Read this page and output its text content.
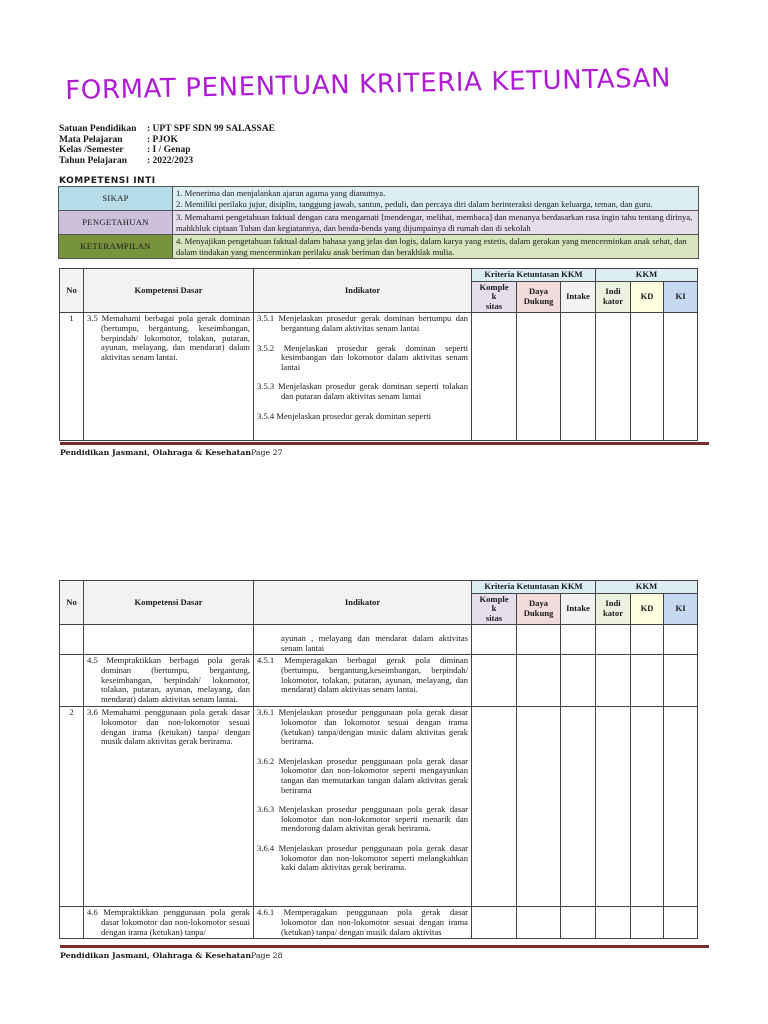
FORMAT PENENTUAN KRITERIA KETUNTASAN
Satuan Pendidikan : UPT SPF SDN 99 SALASSAE
Mata Pelajaran	: PJOK
Kelas /Semester : I / Genap
Tahun Pelajaran : 2022/2023
KOMPETENSI INTI
SIKAP	1. Menerima dan menjalankan ajaran agama yang dianutnya.
2. Memiliki perilaku jujur, disiplin, tanggung jawab, santun, peduli, dan percaya diri dalam berinteraksi dengan keluarga, teman, dan guru.
PENGETAHUAN	3. Memahami pengetahuan faktual dengan cara mengamati [mendengar, melihat, membaca] dan menanya berdasarkan rasa ingin tahu tentang dirinya, mahkhluk ciptaan Tuhan dan kegiatannya, dan benda-benda yang dijumpainya di rumah dan di sekolah
KETERAMPILAN	4. Menyajikan pengetahuan faktual dalam bahasa yang jelas dan logis, dalam karya yang estetis, dalam gerakan yang mencerminkan anak sehat, dan dalam tindakan yang mencerminkan perilaku anak beriman dan berakhlak mulia.
No	Kompetensi Dasar	Indikator	Kriteria Ketuntasan KKM			KKM		
			Komple
k
sitas	Daya Dukung	Intake	Indi kator	KD	KI
1	3.5 Memahami berbagai pola gerak dominan (bertumpu, bergantung, keseimbangan, berpindah/ lokomotor, tolakan, putaran, ayunan, melayang, dan mendarat) dalam aktivitas senam lantai.	3.5.1 Menjelaskan prosedur gerak dominan bertumpu dan bergantung dalam aktivitas senam lantai
3.5.2 Menjelaskan prosedur gerak dominan seperti kesimbangan dan lokomotor dalam aktivitas senam lantai
3.5.3 Menjelaskan prosedur gerak dominan seperti tolakan dan putaran dalam aktivitas senam lantai
3.5.4 Menjelaskan prosedur gerak dominan seperti						

Pendidikan Jasmani, Olahraga & KesehatanPage 27
No	Kompetensi Dasar	Indikator	Kriteria Ketuntasan KKM			KKM		
			Komple
k
sitas	Daya Dukung	Intake	Indi kator	KD	KI
		ayunan , melayang dan mendarat dalam aktivitas senam lantai						

	4.5 Mempraktikkan berbagai pola gerak dominan (bertumpu, bergantung, keseimbangan, berpindah/ lokomotor, tolakan, putaran, ayunan, melayang, dan mendarat) dalam aktivitas senam lantai.	4.5.1 Memperagakan berbagai gerak pola diminan (bertumpu, bergantung,keseimbangan, berpindah/ lokomotor, tolakan, putaran, ayunan, melayang, dan mendarat) dalam aktivitas senam lantai.						

2	3.6 Memahami penggunaan pola gerak dasar lokomotor dan non-lokomotor sesuai dengan irama (ketukan) tanpa/ dengan musik dalam aktivitas gerak berirama.	3.6.1 Menjelaskan prosedur penggunaan pola gerak dasar lokomotor dan lokomotor sesuai dengan irama (ketukan) tanpa/dengan music dalam aktivitas gerak berirama.
3.6.2 Menjelaskan prosedur penggunaan pola gerak dasar lokomotor dan non-lokomotor seperti mengayunkan tangan dan memutarkan tangan dalam aktivitas gerak berirama
3.6.3 Menjelaskan prosedur penggunaan pola gerak dasar lokomotor dan non-lokomotor seperti menarik dan mendorong dalam aktivitas gerak berirama.
3.6.4 Menjelaskan prosedur penggunaan pola gerak dasar lokomotor dan non-lokomotor seperti melangkahkan kaki dalam aktivitas gerak berirama.						

	4.6 Mempraktikkan penggunaan pola gerak dasar lokomotor dan non-lokomotor sesuai dengan irama (ketukan) tanpa/	4.6.1 Memperagakan penggunaan pola gerak dasar lokomotor dan non-lokomotor sesuai dengan irama (ketukan) tanpa/ dengan musik dalam aktivitas						

Pendidikan Jasmani, Olahraga & KesehatanPage 28
